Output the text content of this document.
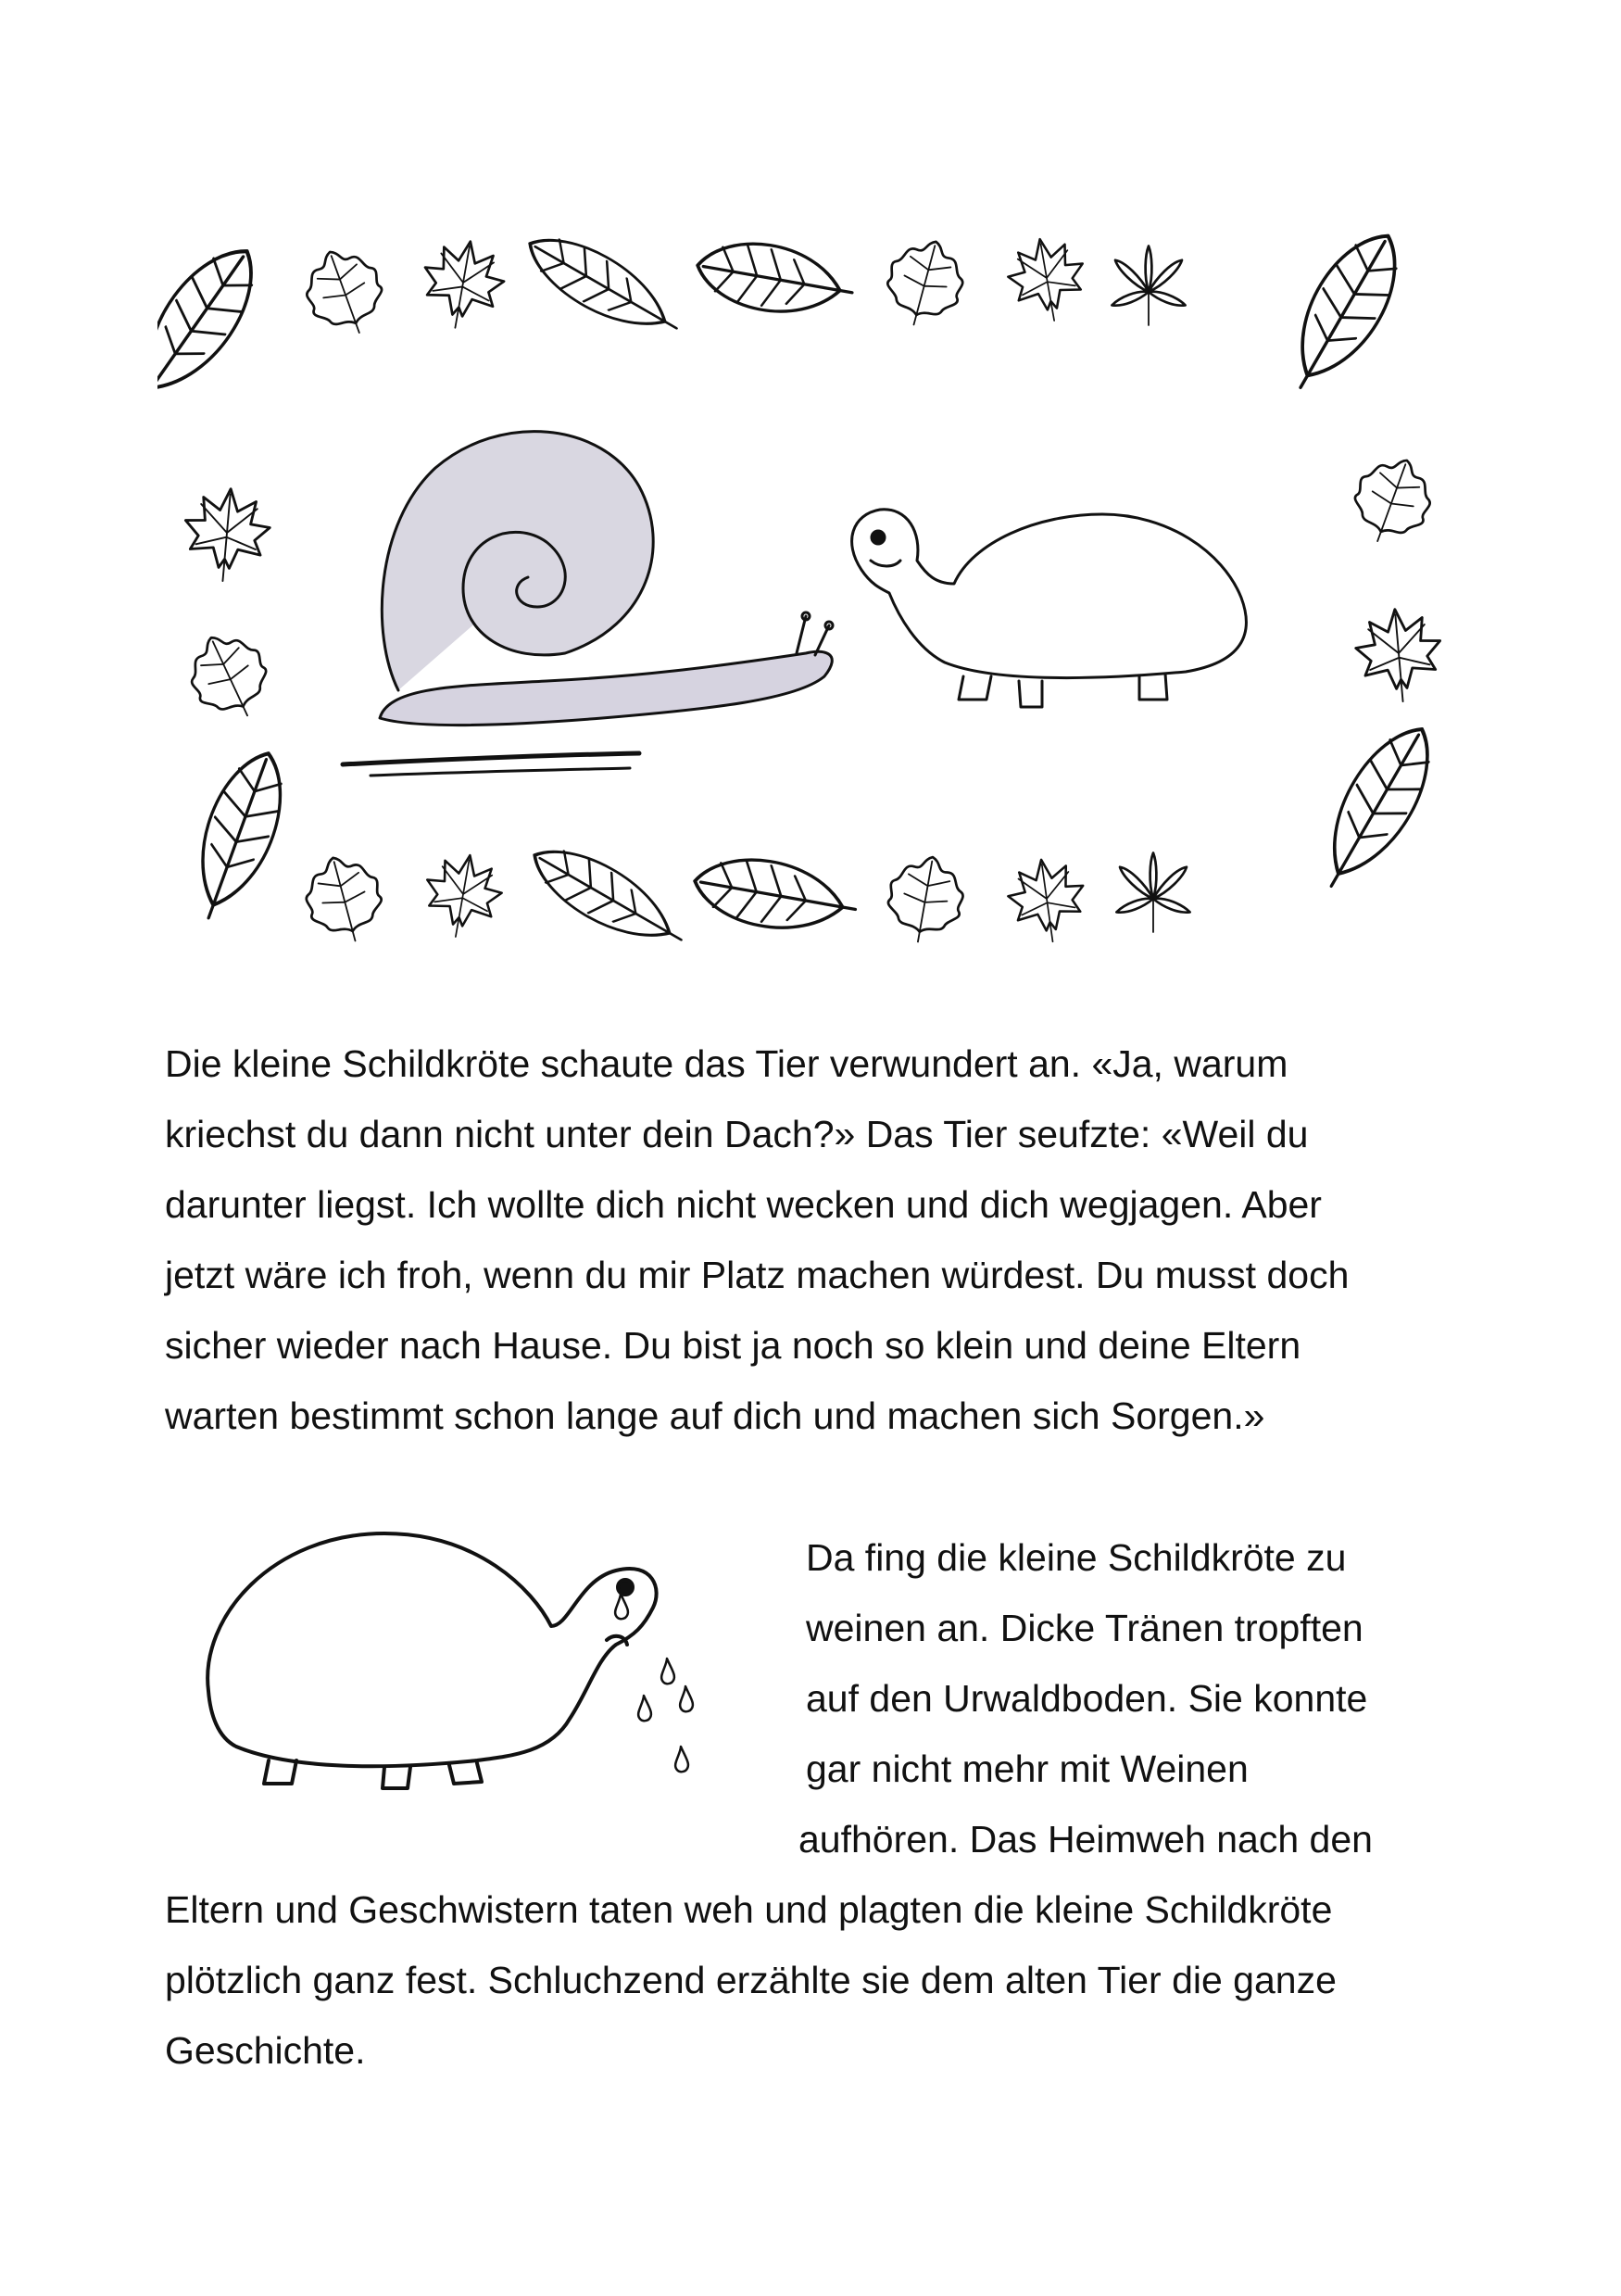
Die kleine Schildkröte schaute das Tier verwundert an. «Ja, warum
kriechst du dann nicht unter dein Dach?» Das Tier seufzte: «Weil du
darunter liegst. Ich wollte dich nicht wecken und dich wegjagen. Aber
jetzt wäre ich froh, wenn du mir Platz machen würdest. Du musst doch
sicher wieder nach Hause. Du bist ja noch so klein und deine Eltern
warten bestimmt schon lange auf dich und machen sich Sorgen.»
Da fing die kleine Schildkröte zu
weinen an. Dicke Tränen tropften
auf den Urwaldboden. Sie konnte
gar nicht mehr mit Weinen
aufhören. Das Heimweh nach den
Eltern und Geschwistern taten weh und plagten die kleine Schildkröte
plötzlich ganz fest. Schluchzend erzählte sie dem alten Tier die ganze
Geschichte.
